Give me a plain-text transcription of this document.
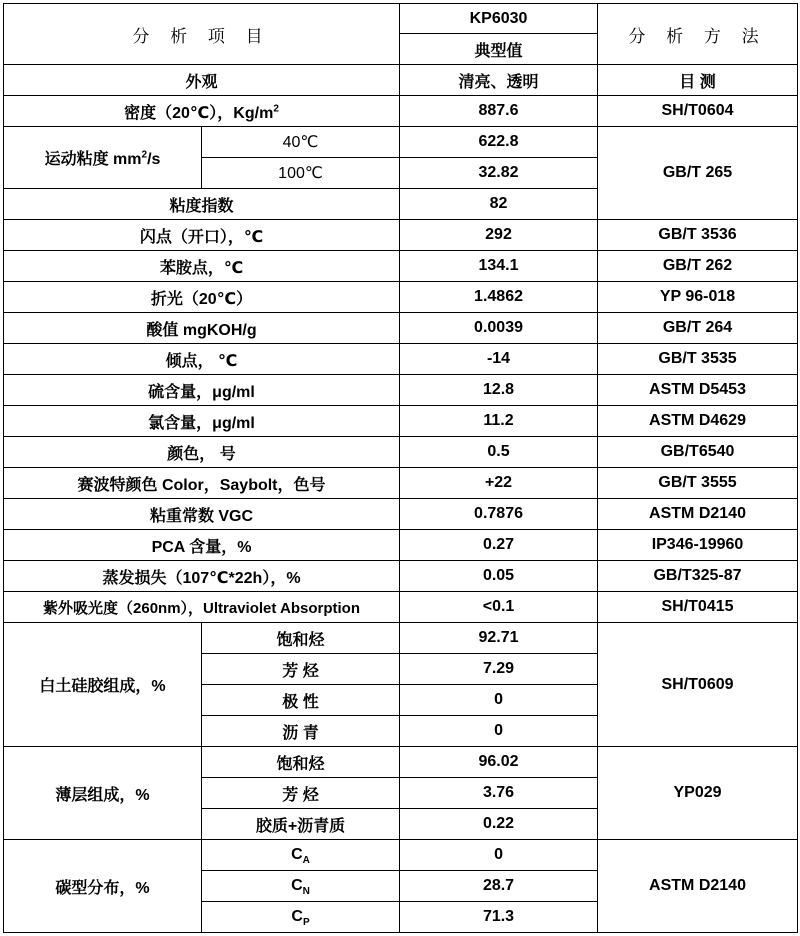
分 析 项 目		KP6030	分 析 方 法
		典型值	
外观		清亮、透明	目 测
密度（20℃），$Kg/m^2$		887.6	SH/T0604
运动粘度 $mm^2/s$	40℃	622.8	GB/T 265
	100℃	32.82	
粘度指数		82	
闪点（开口），℃		292	GB/T 3536
苯胺点，℃		134.1	GB/T 262
折光（20℃）		1.4862	YP 96-018
酸值 mgKOH/g		0.0039	GB/T 264
倾点， ℃		-14	GB/T 3535
硫含量，μg/ml		12.8	ASTM D5453
氯含量，μg/ml		11.2	ASTM D4629
颜色， 号		0.5	GB/T6540
赛波特颜色 Color，Saybolt，色号		+22	GB/T 3555
粘重常数 VGC		0.7876	ASTM D2140
PCA 含量，%		0.27	IP346-19960
蒸发损失（107℃*22h），%		0.05	GB/T325-87
紫外吸光度（260nm），Ultraviolet Absorption		<0.1	SH/T0415
白土硅胶组成，%	饱和烃	92.71	SH/T0609
	芳 烃	7.29	
	极 性	0	
	沥 青	0	
薄层组成，%	饱和烃	96.02	YP029
	芳 烃	3.76	
	胶质+沥青质	0.22	
碳型分布，%	$C_A$	0	ASTM D2140
	$C_N$	28.7	
	$C_P$	71.3	
